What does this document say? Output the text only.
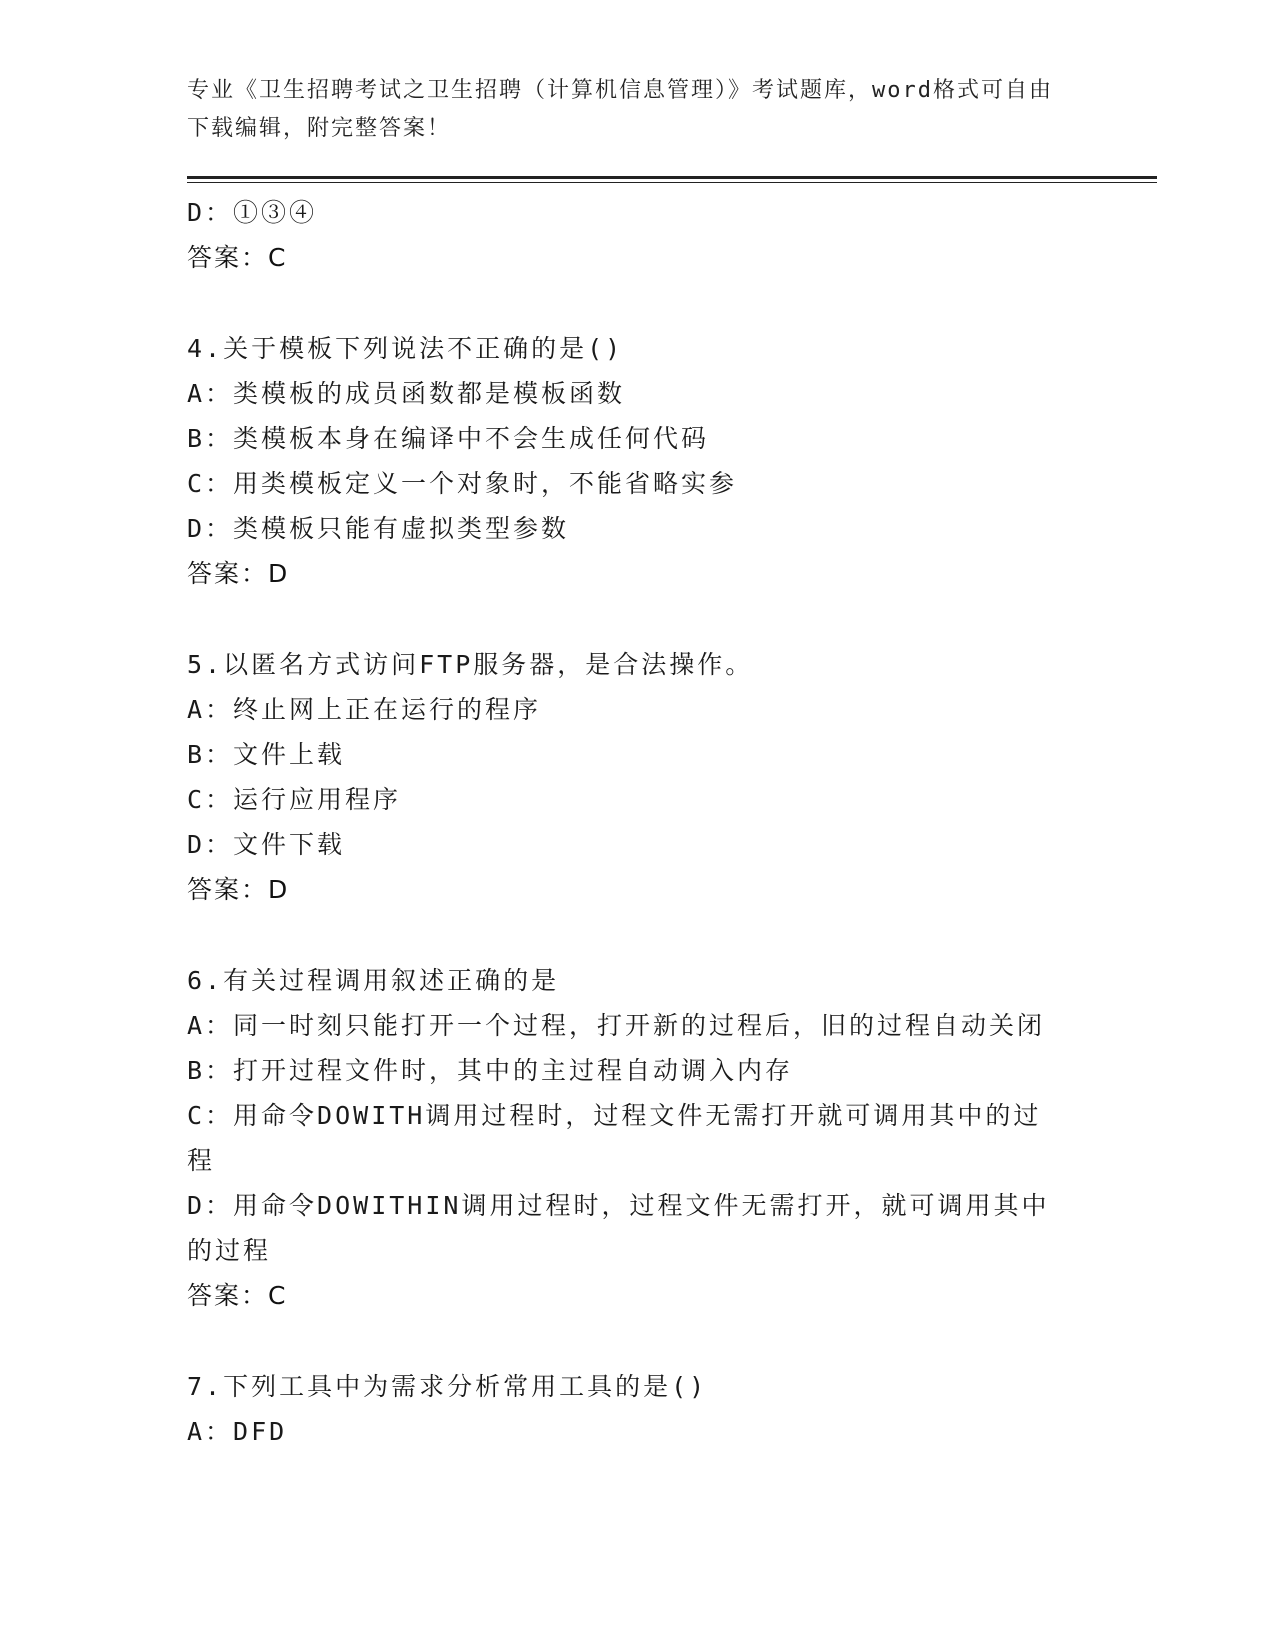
专业《卫生招聘考试之卫生招聘（计算机信息管理）》考试题库，word格式可自由下载编辑，附完整答案！
D：①③④
答案：C
4.关于模板下列说法不正确的是()
A：类模板的成员函数都是模板函数
B：类模板本身在编译中不会生成任何代码
C：用类模板定义一个对象时，不能省略实参
D：类模板只能有虚拟类型参数
答案：D
5.以匿名方式访问FTP服务器，是合法操作。
A：终止网上正在运行的程序
B：文件上载
C：运行应用程序
D：文件下载
答案：D
6.有关过程调用叙述正确的是
A：同一时刻只能打开一个过程，打开新的过程后，旧的过程自动关闭
B：打开过程文件时，其中的主过程自动调入内存
C：用命令DOWITH调用过程时，过程文件无需打开就可调用其中的过程
D：用命令DOWITHIN调用过程时，过程文件无需打开，就可调用其中的过程
答案：C
7.下列工具中为需求分析常用工具的是()
A：DFD
